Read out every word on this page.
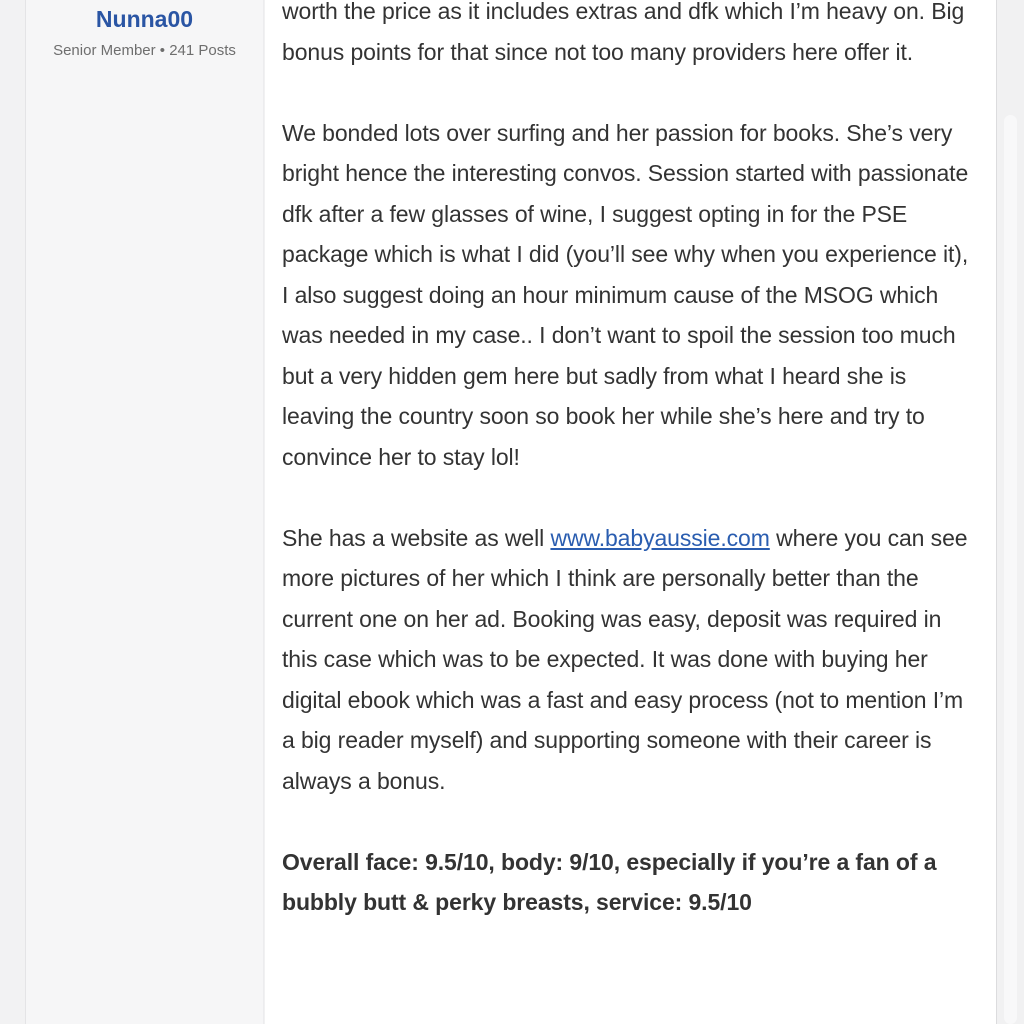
Nunna00
Senior Member • 241 Posts

worth the price as it includes extras and dfk which I’m heavy on. Big bonus points for that since not too many providers here offer it.

We bonded lots over surfing and her passion for books. She’s very bright hence the interesting convos. Session started with passionate dfk after a few glasses of wine, I suggest opting in for the PSE package which is what I did (you’ll see why when you experience it), I also suggest doing an hour minimum cause of the MSOG which was needed in my case.. I don’t want to spoil the session too much but a very hidden gem here but sadly from what I heard she is leaving the country soon so book her while she’s here and try to convince her to stay lol!

She has a website as well www.babyaussie.com where you can see more pictures of her which I think are personally better than the current one on her ad. Booking was easy, deposit was required in this case which was to be expected. It was done with buying her digital ebook which was a fast and easy process (not to mention I’m a big reader myself) and supporting someone with their career is always a bonus.

Overall face: 9.5/10, body: 9/10, especially if you’re a fan of a bubbly butt & perky breasts, service: 9.5/10
